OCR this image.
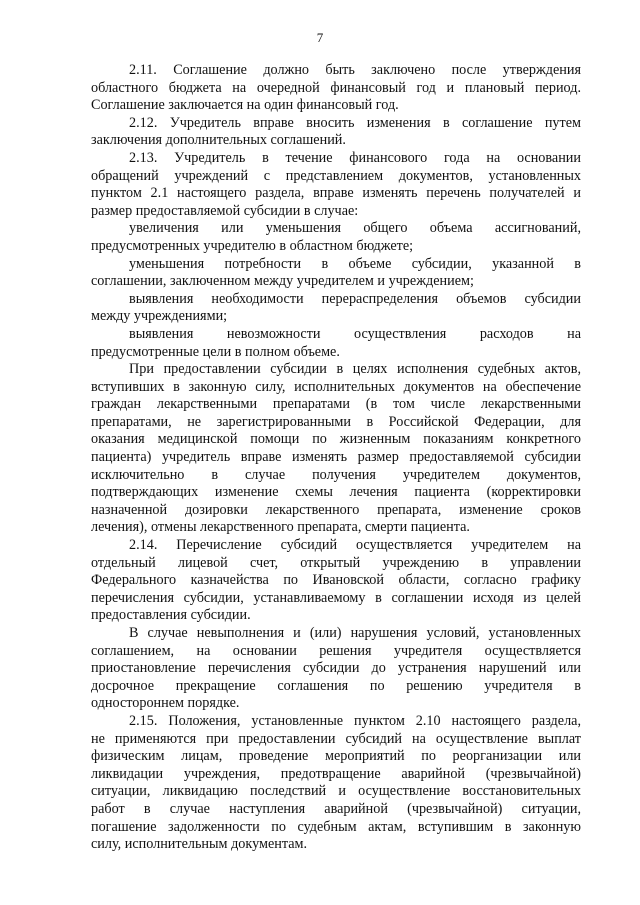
7
2.11. Соглашение должно быть заключено после утверждения
областного бюджета на очередной финансовый год и плановый период.
Соглашение заключается на один финансовый год.
2.12. Учредитель вправе вносить изменения в соглашение путем
заключения дополнительных соглашений.
2.13. Учредитель в течение финансового года на основании
обращений учреждений с представлением документов, установленных
пунктом 2.1 настоящего раздела, вправе изменять перечень получателей и
размер предоставляемой субсидии в случае:
увеличения или уменьшения общего объема ассигнований,
предусмотренных учредителю в областном бюджете;
уменьшения потребности в объеме субсидии, указанной в
соглашении, заключенном между учредителем и учреждением;
выявления необходимости перераспределения объемов субсидии
между учреждениями;
выявления невозможности осуществления расходов на
предусмотренные цели в полном объеме.
При предоставлении субсидии в целях исполнения судебных актов,
вступивших в законную силу, исполнительных документов на обеспечение
граждан лекарственными препаратами (в том числе лекарственными
препаратами, не зарегистрированными в Российской Федерации, для
оказания медицинской помощи по жизненным показаниям конкретного
пациента) учредитель вправе изменять размер предоставляемой субсидии
исключительно в случае получения учредителем документов,
подтверждающих изменение схемы лечения пациента (корректировки
назначенной дозировки лекарственного препарата, изменение сроков
лечения), отмены лекарственного препарата, смерти пациента.
2.14. Перечисление субсидий осуществляется учредителем на
отдельный лицевой счет, открытый учреждению в управлении
Федерального казначейства по Ивановской области, согласно графику
перечисления субсидии, устанавливаемому в соглашении исходя из целей
предоставления субсидии.
В случае невыполнения и (или) нарушения условий, установленных
соглашением, на основании решения учредителя осуществляется
приостановление перечисления субсидии до устранения нарушений или
досрочное прекращение соглашения по решению учредителя в
одностороннем порядке.
2.15. Положения, установленные пунктом 2.10 настоящего раздела,
не применяются при предоставлении субсидий на осуществление выплат
физическим лицам, проведение мероприятий по реорганизации или
ликвидации учреждения, предотвращение аварийной (чрезвычайной)
ситуации, ликвидацию последствий и осуществление восстановительных
работ в случае наступления аварийной (чрезвычайной) ситуации,
погашение задолженности по судебным актам, вступившим в законную
силу, исполнительным документам.
